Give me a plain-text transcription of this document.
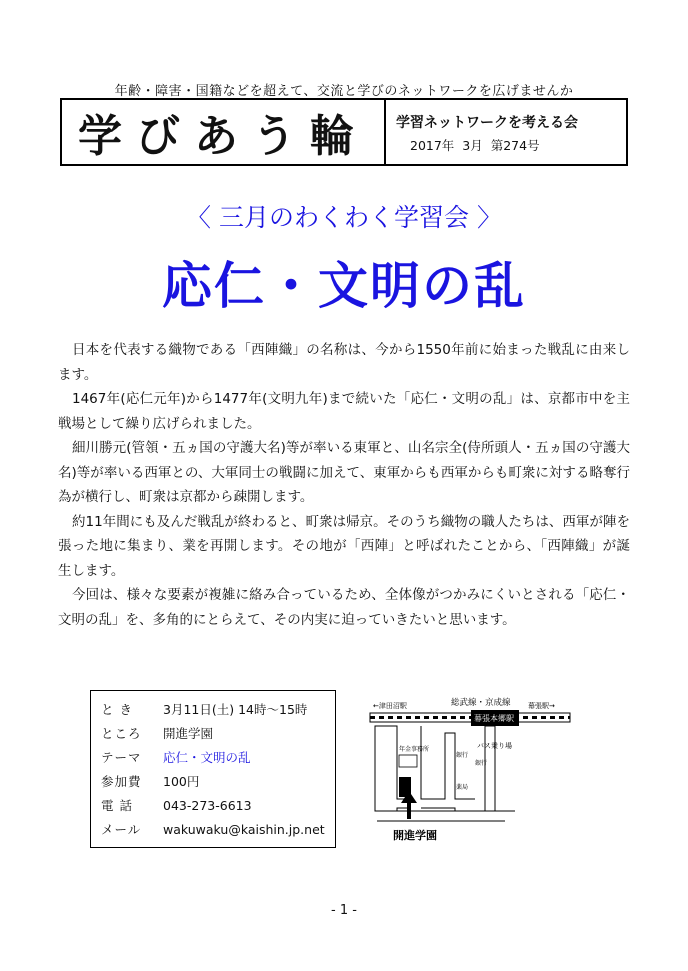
年齢・障害・国籍などを超えて、交流と学びのネットワークを広げませんか
学びあう輪	学習ネットワークを考える会
2017年 3月 第274号
〈 三月のわくわく学習会 〉
応仁・文明の乱

日本を代表する織物である「西陣織」の名称は、今から1550年前に始まった戦乱に由来します。

1467年(応仁元年)から1477年(文明九年)まで続いた「応仁・文明の乱」は、京都市中を主戦場として繰り広げられました。

細川勝元(管領・五ヵ国の守護大名)等が率いる東軍と、山名宗全(侍所頭人・五ヵ国の守護大名)等が率いる西軍との、大軍同士の戦闘に加えて、東軍からも西軍からも町衆に対する略奪行為が横行し、町衆は京都から疎開します。

約11年間にも及んだ戦乱が終わると、町衆は帰京。そのうち織物の職人たちは、西軍が陣を張った地に集まり、業を再開します。その地が「西陣」と呼ばれたことから、「西陣織」が誕生します。

今回は、様々な要素が複雑に絡み合っているため、全体像がつかみにくいとされる「応仁・文明の乱」を、多角的にとらえて、その内実に迫っていきたいと思います。

と き	3月11日(土) 14時～15時
ところ	開進学園
テーマ	応仁・文明の乱
参加費	100円
電 話	043-273-6613
メール	wakuwaku@kaishin.jp.net
←津田沼駅	総武線・京成線 幕張駅→
幕張本郷駅
年金事務所
銀行
銀行
薬局
バス乗り場
開進学園
- 1 -
